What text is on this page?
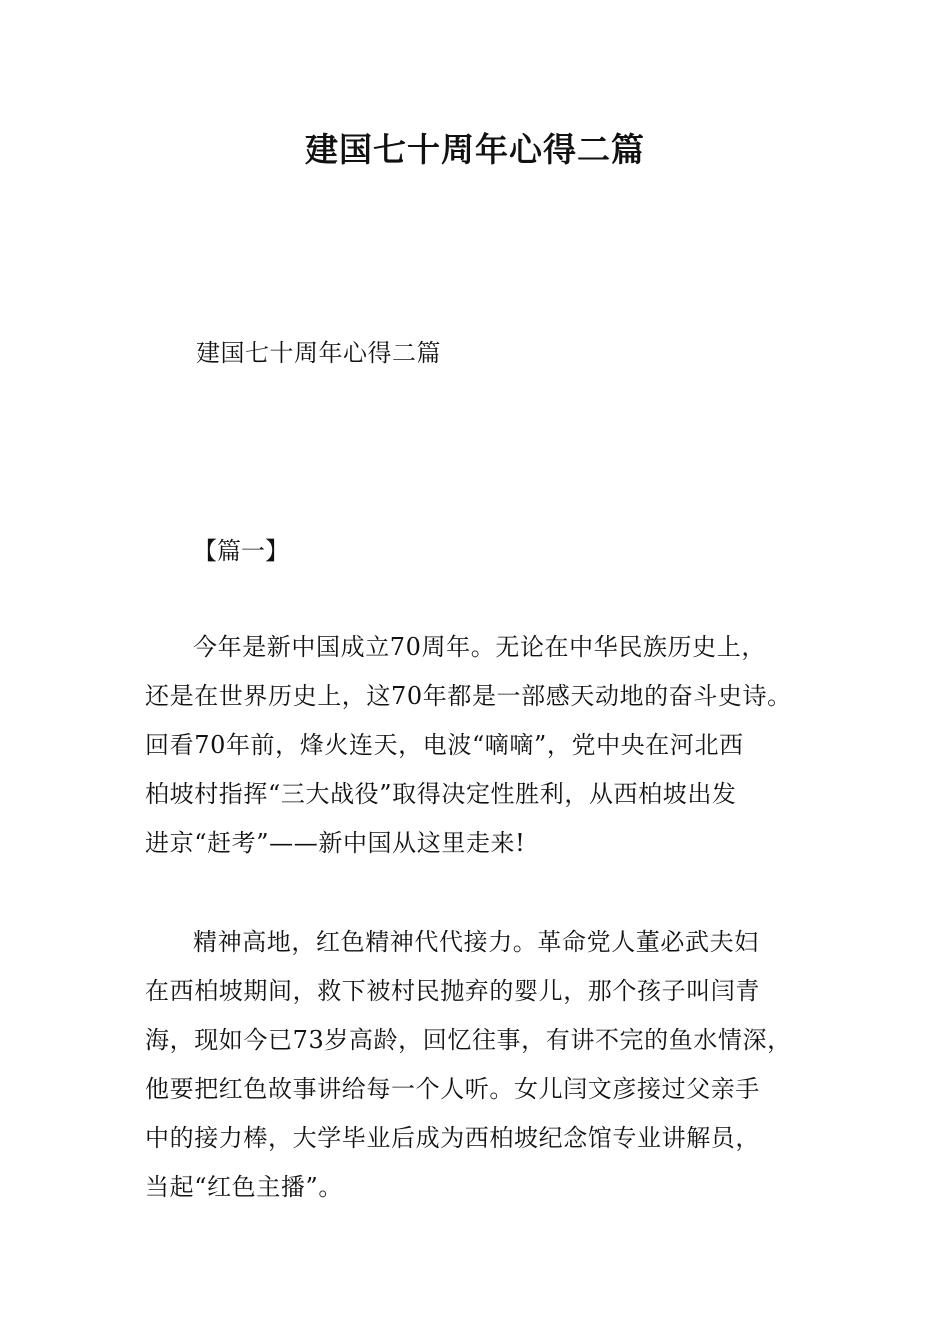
建国七十周年心得二篇
建国七十周年心得二篇
【篇一】
今年是新中国成立70周年。无论在中华民族历史上，
还是在世界历史上，这70年都是一部感天动地的奋斗史诗。
回看70年前，烽火连天，电波“嘀嘀”，党中央在河北西
柏坡村指挥“三大战役”取得决定性胜利，从西柏坡出发
进京“赶考”——新中国从这里走来!
精神高地，红色精神代代接力。革命党人董必武夫妇
在西柏坡期间，救下被村民抛弃的婴儿，那个孩子叫闫青
海，现如今已73岁高龄，回忆往事，有讲不完的鱼水情深，
他要把红色故事讲给每一个人听。女儿闫文彦接过父亲手
中的接力棒，大学毕业后成为西柏坡纪念馆专业讲解员，
当起“红色主播”。
